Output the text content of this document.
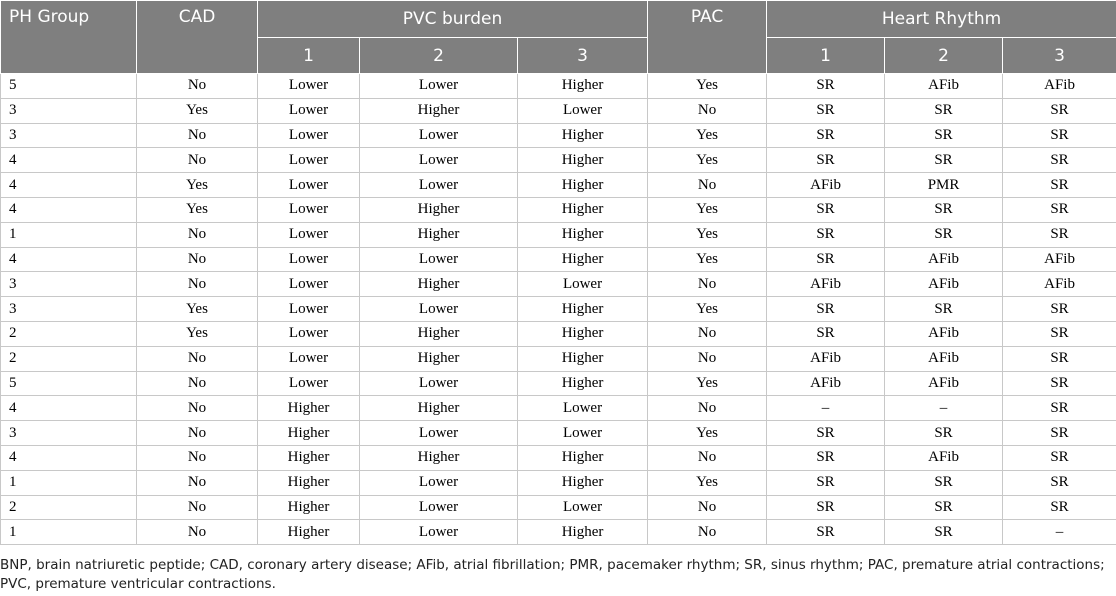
PH Group	CAD	PVC burden			PAC	Heart Rhythm		
		1	2	3		1	2	3
5	No	Lower	Lower	Higher	Yes	SR	AFib	AFib
3	Yes	Lower	Higher	Lower	No	SR	SR	SR
3	No	Lower	Lower	Higher	Yes	SR	SR	SR
4	No	Lower	Lower	Higher	Yes	SR	SR	SR
4	Yes	Lower	Lower	Higher	No	AFib	PMR	SR
4	Yes	Lower	Higher	Higher	Yes	SR	SR	SR
1	No	Lower	Higher	Higher	Yes	SR	SR	SR
4	No	Lower	Lower	Higher	Yes	SR	AFib	AFib
3	No	Lower	Higher	Lower	No	AFib	AFib	AFib
3	Yes	Lower	Lower	Higher	Yes	SR	SR	SR
2	Yes	Lower	Higher	Higher	No	SR	AFib	SR
2	No	Lower	Higher	Higher	No	AFib	AFib	SR
5	No	Lower	Lower	Higher	Yes	AFib	AFib	SR
4	No	Higher	Higher	Lower	No	–	–	SR
3	No	Higher	Lower	Lower	Yes	SR	SR	SR
4	No	Higher	Higher	Higher	No	SR	AFib	SR
1	No	Higher	Lower	Higher	Yes	SR	SR	SR
2	No	Higher	Lower	Lower	No	SR	SR	SR
1	No	Higher	Lower	Higher	No	SR	SR	–
BNP, brain natriuretic peptide; CAD, coronary artery disease; AFib, atrial fibrillation; PMR, pacemaker rhythm; SR, sinus rhythm; PAC, premature atrial contractions; PVC, premature ventricular contractions.
